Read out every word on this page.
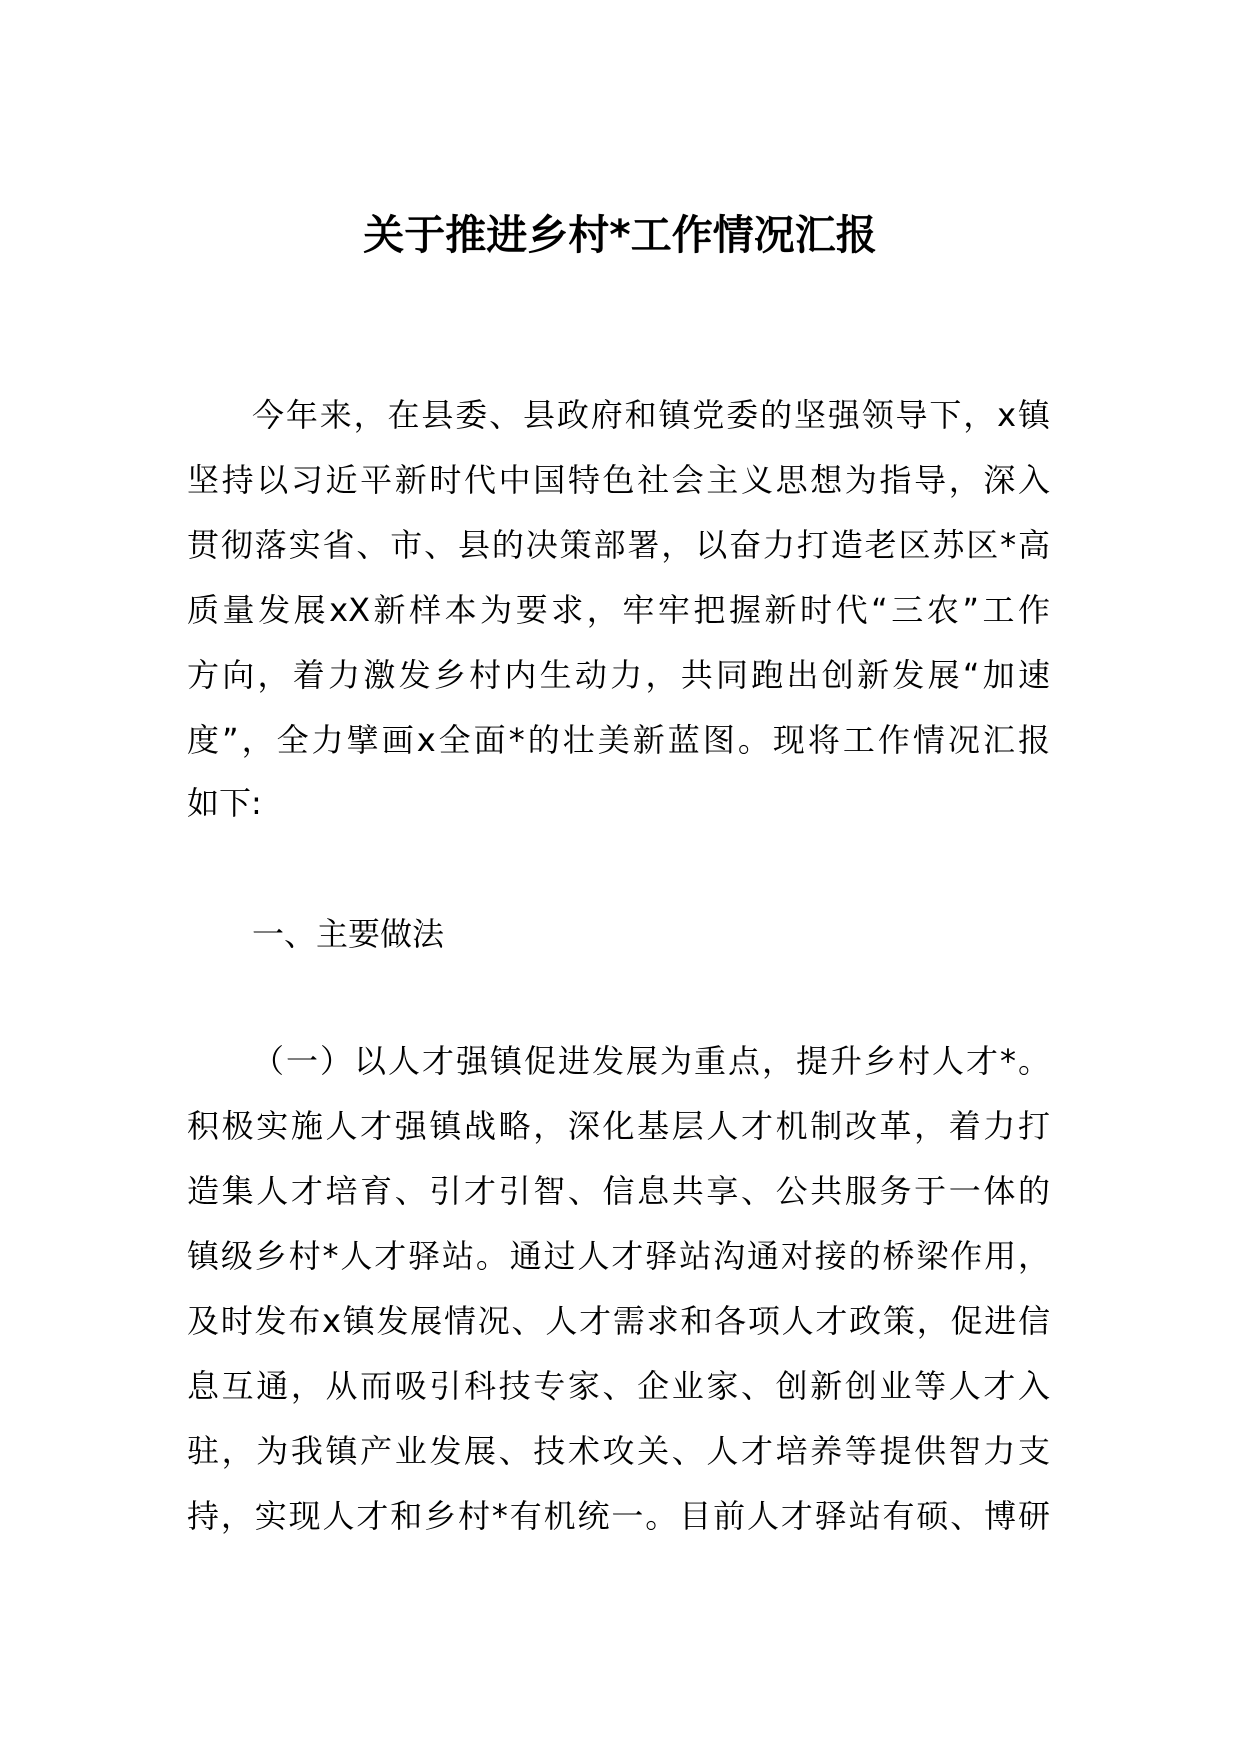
关于推进乡村*工作情况汇报
今年来，在县委、县政府和镇党委的坚强领导下，x镇
坚持以习近平新时代中国特色社会主义思想为指导，深入
贯彻落实省、市、县的决策部署，以奋力打造老区苏区*高
质量发展xX新样本为要求，牢牢把握新时代“三农”工作
方向，着力激发乡村内生动力，共同跑出创新发展“加速
度”，全力擘画x全面*的壮美新蓝图。现将工作情况汇报
如下:
一、主要做法
（一）以人才强镇促进发展为重点，提升乡村人才*。
积极实施人才强镇战略，深化基层人才机制改革，着力打
造集人才培育、引才引智、信息共享、公共服务于一体的
镇级乡村*人才驿站。通过人才驿站沟通对接的桥梁作用，
及时发布x镇发展情况、人才需求和各项人才政策，促进信
息互通，从而吸引科技专家、企业家、创新创业等人才入
驻，为我镇产业发展、技术攻关、人才培养等提供智力支
持，实现人才和乡村*有机统一。目前人才驿站有硕、博研
